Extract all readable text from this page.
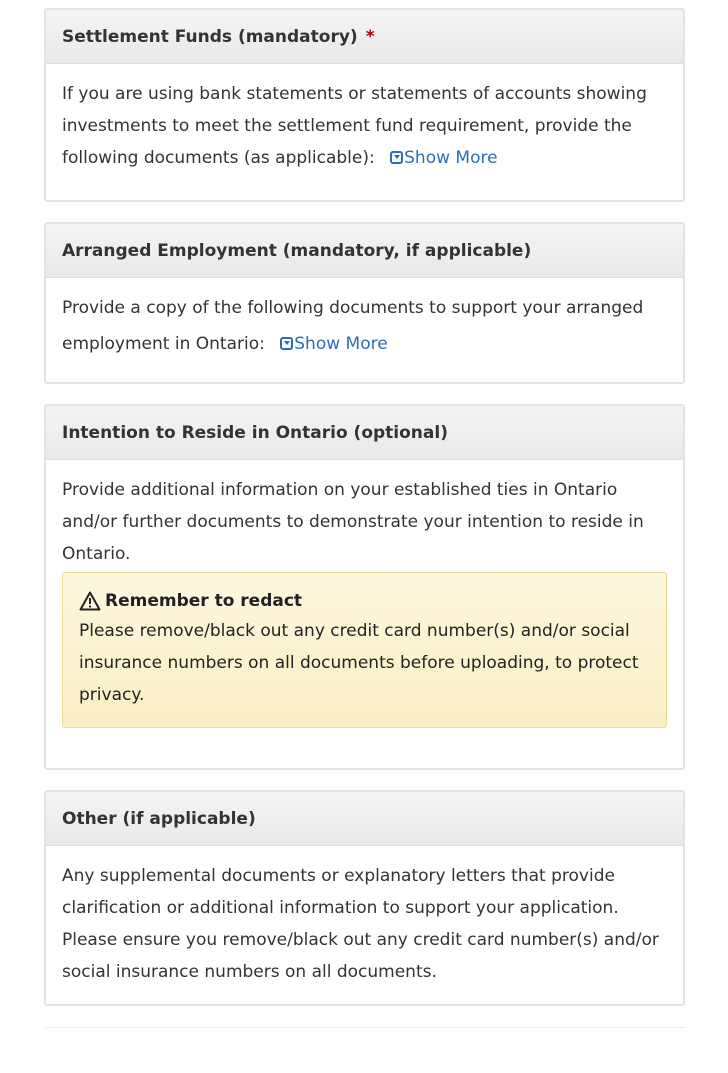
Settlement Funds (mandatory) *
If you are using bank statements or statements of accounts showing investments to meet the settlement fund requirement, provide the following documents (as applicable): Show More
Arranged Employment (mandatory, if applicable)
Provide a copy of the following documents to support your arranged employment in Ontario: Show More
Intention to Reside in Ontario (optional)
Provide additional information on your established ties in Ontario and/or further documents to demonstrate your intention to reside in Ontario.
Remember to redact
Please remove/black out any credit card number(s) and/or social insurance numbers on all documents before uploading, to protect privacy.
Other (if applicable)
Any supplemental documents or explanatory letters that provide clarification or additional information to support your application. Please ensure you remove/black out any credit card number(s) and/or social insurance numbers on all documents.
